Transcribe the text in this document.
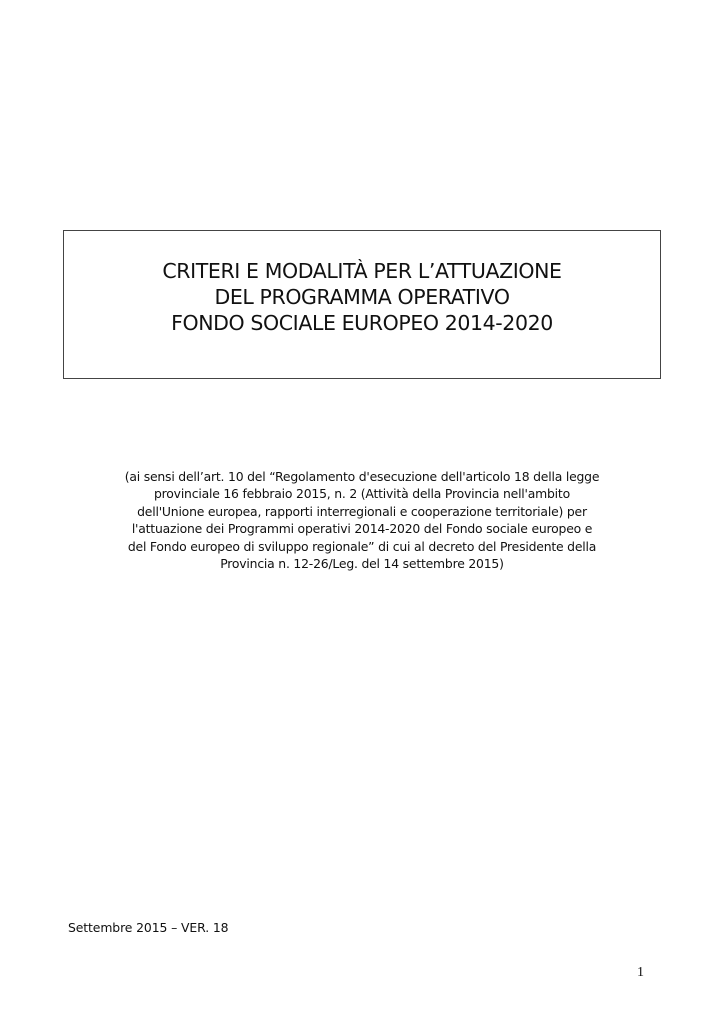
CRITERI E MODALITÀ PER L’ATTUAZIONE
DEL PROGRAMMA OPERATIVO
FONDO SOCIALE EUROPEO 2014-2020
(ai sensi dell’art. 10 del “Regolamento d'esecuzione dell'articolo 18 della legge
provinciale 16 febbraio 2015, n. 2 (Attività della Provincia nell'ambito
dell'Unione europea, rapporti interregionali e cooperazione territoriale) per
l'attuazione dei Programmi operativi 2014-2020 del Fondo sociale europeo e
del Fondo europeo di sviluppo regionale” di cui al decreto del Presidente della
Provincia n. 12-26/Leg. del 14 settembre 2015)
Settembre 2015 – VER. 18
1
